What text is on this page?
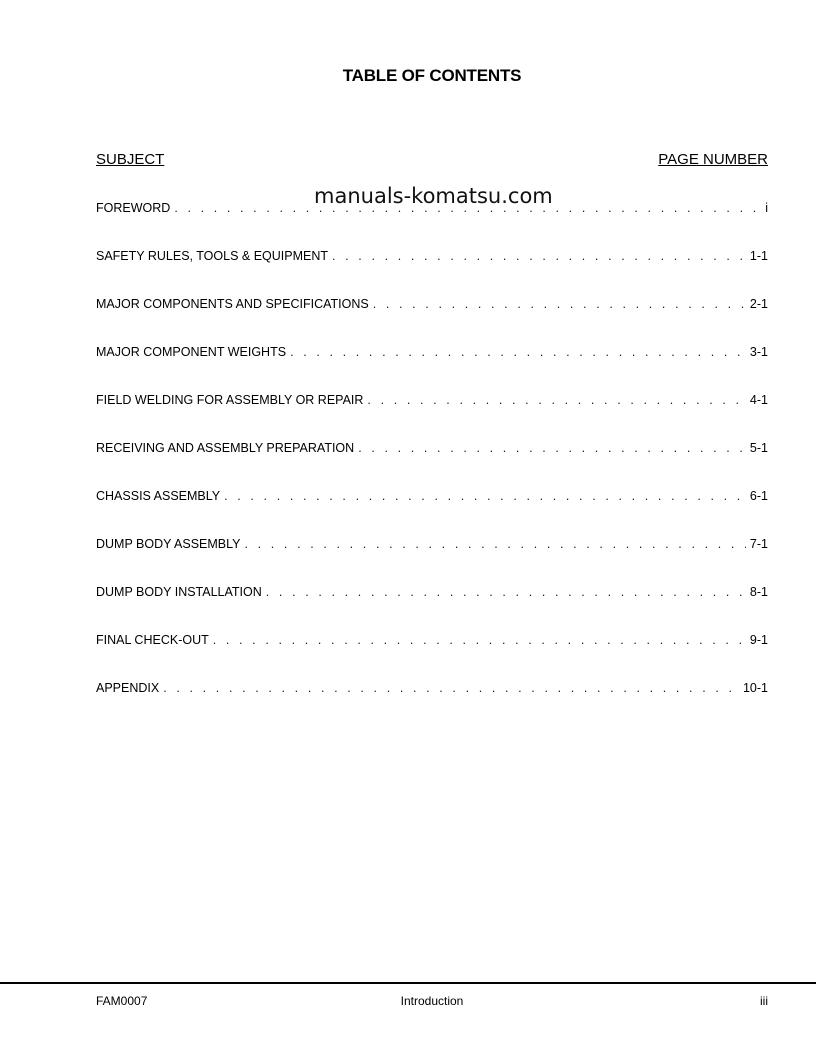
TABLE OF CONTENTS
SUBJECT	PAGE NUMBER
manuals-komatsu.com
FOREWORD . . .	i
SAFETY RULES, TOOLS & EQUIPMENT . . .	1-1
MAJOR COMPONENTS AND SPECIFICATIONS . . .	2-1
MAJOR COMPONENT WEIGHTS . . .	3-1
FIELD WELDING FOR ASSEMBLY OR REPAIR . . .	4-1
RECEIVING AND ASSEMBLY PREPARATION . . .	5-1
CHASSIS ASSEMBLY . . .	6-1
DUMP BODY ASSEMBLY . . .	7-1
DUMP BODY INSTALLATION . . .	8-1
FINAL CHECK-OUT . . .	9-1
APPENDIX . . .	10-1
FAM0007	Introduction	iii
